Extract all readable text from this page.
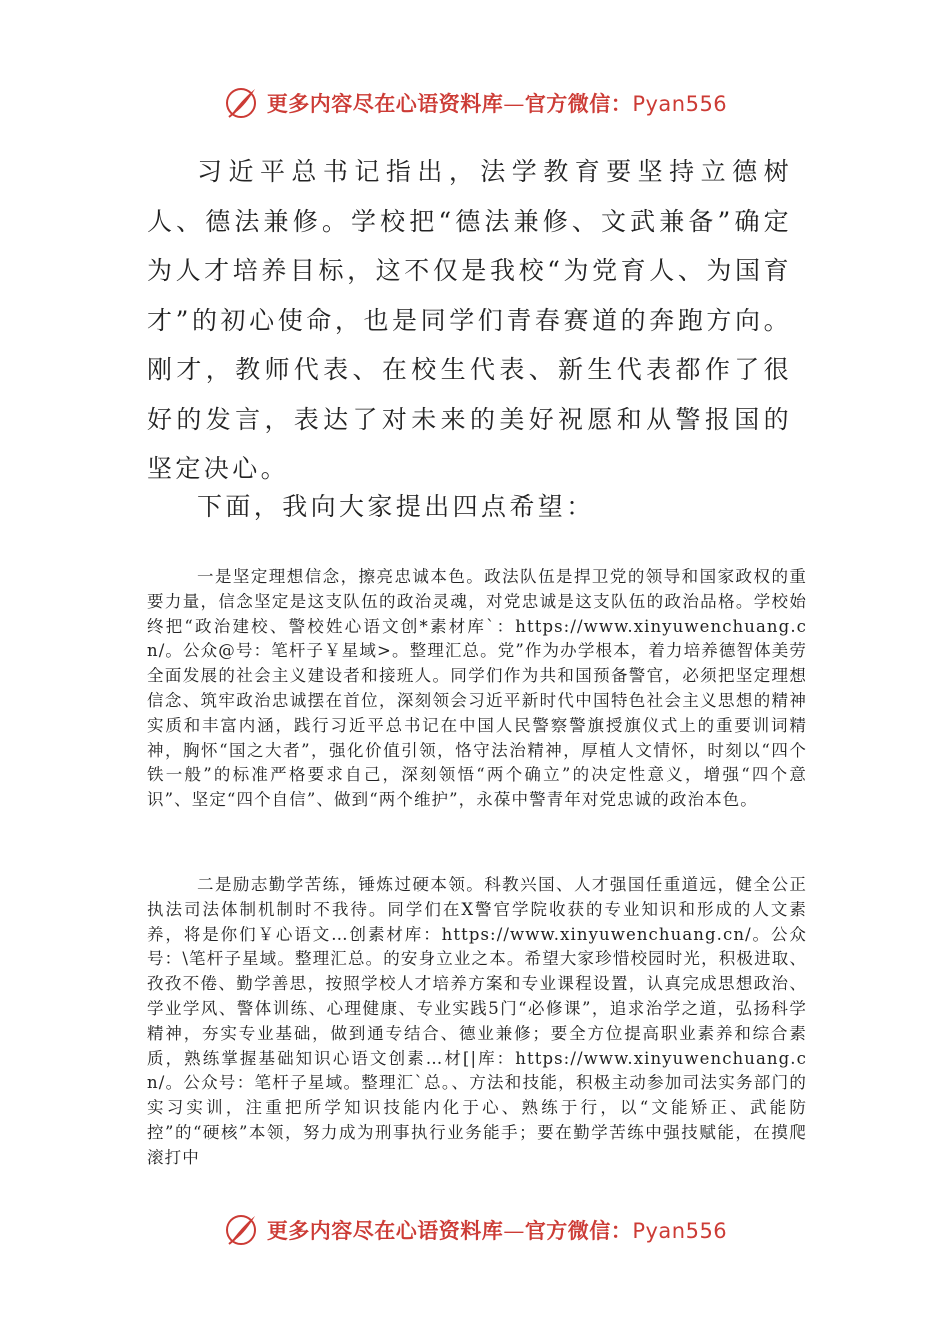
更多内容尽在心语资料库—官方微信：Pyan556

习近平总书记指出，法学教育要坚持立德树人、德法兼修。学校把“德法兼修、文武兼备”确定为人才培养目标，这不仅是我校“为党育人、为国育才”的初心使命，也是同学们青春赛道的奔跑方向。刚才，教师代表、在校生代表、新生代表都作了很好的发言，表达了对未来的美好祝愿和从警报国的坚定决心。

下面，我向大家提出四点希望：

一是坚定理想信念，擦亮忠诚本色。政法队伍是捍卫党的领导和国家政权的重要力量，信念坚定是这支队伍的政治灵魂，对党忠诚是这支队伍的政治品格。学校始终把“政治建校、警校姓心语文创*素材库`：https://www.xinyuwenchuang.cn/。公众@号：笔杆子￥星域>。整理汇总。党”作为办学根本，着力培养德智体美劳全面发展的社会主义建设者和接班人。同学们作为共和国预备警官，必须把坚定理想信念、筑牢政治忠诚摆在首位，深刻领会习近平新时代中国特色社会主义思想的精神实质和丰富内涵，践行习近平总书记在中国人民警察警旗授旗仪式上的重要训词精神，胸怀“国之大者”，强化价值引领，恪守法治精神，厚植人文情怀，时刻以“四个铁一般”的标准严格要求自己，深刻领悟“两个确立”的决定性意义，增强“四个意识”、坚定“四个自信”、做到“两个维护”，永葆中警青年对党忠诚的政治本色。

二是励志勤学苦练，锤炼过硬本领。科教兴国、人才强国任重道远，健全公正执法司法体制机制时不我待。同学们在X警官学院收获的专业知识和形成的人文素养，将是你们￥心语文…创素材库：https://www.xinyuwenchuang.cn/。公众号：\笔杆子星域。整理汇总。的安身立业之本。希望大家珍惜校园时光，积极进取、孜孜不倦、勤学善思，按照学校人才培养方案和专业课程设置，认真完成思想政治、学业学风、警体训练、心理健康、专业实践5门“必修课”，追求治学之道，弘扬科学精神，夯实专业基础，做到通专结合、德业兼修；要全方位提高职业素养和综合素质，熟练掌握基础知识心语文创素…材[|库：https://www.xinyuwenchuang.cn/。公众号：笔杆子星域。整理汇`总。、方法和技能，积极主动参加司法实务部门的实习实训，注重把所学知识技能内化于心、熟练于行，以“文能矫正、武能防控”的“硬核”本领，努力成为刑事执行业务能手；要在勤学苦练中强技赋能，在摸爬滚打中

更多内容尽在心语资料库—官方微信：Pyan556
